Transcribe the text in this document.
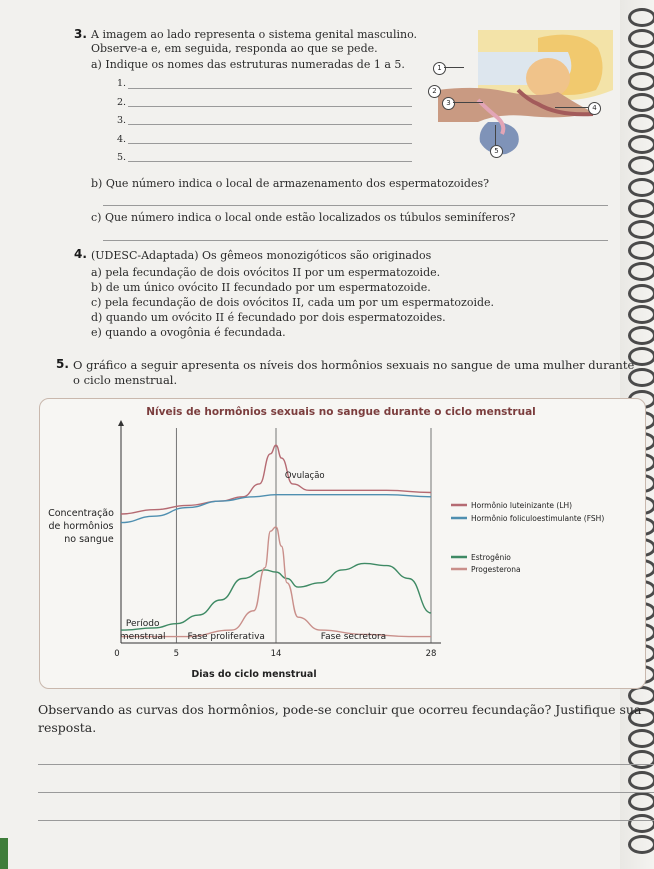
3. A imagem ao lado representa o sistema genital masculino.
Observe-a e, em seguida, responda ao que se pede.
a) Indique os nomes das estruturas numeradas de 1 a 5.
1.
2.
3.
4.
5.
1
2
3
4
5
b) Que número indica o local de armazenamento dos espermatozoides?
c) Que número indica o local onde estão localizados os túbulos seminíferos?
4. (UDESC-Adaptada) Os gêmeos monozigóticos são originados
a) pela fecundação de dois ovócitos II por um espermatozoide.
b) de um único ovócito II fecundado por um espermatozoide.
c) pela fecundação de dois ovócitos II, cada um por um espermatozoide.
d) quando um ovócito II é fecundado por dois espermatozoides.
e) quando a ovogônia é fecundada.
5. O gráfico a seguir apresenta os níveis dos hormônios sexuais no sangue de uma mulher durante
o ciclo menstrual.
Níveis de hormônios sexuais no sangue durante o ciclo menstrual
Ovulação
Concentração
de hormônios
no sangue
Período
menstrual Fase proliferativa	Fase secretora
0	5	14	28
Dias do ciclo menstrual
Hormônio luteinizante (LH)
Hormônio foliculoestimulante (FSH)
Estrogênio
Progesterona
Observando as curvas dos hormônios, pode-se concluir que ocorreu fecundação? Justifique sua
resposta.
